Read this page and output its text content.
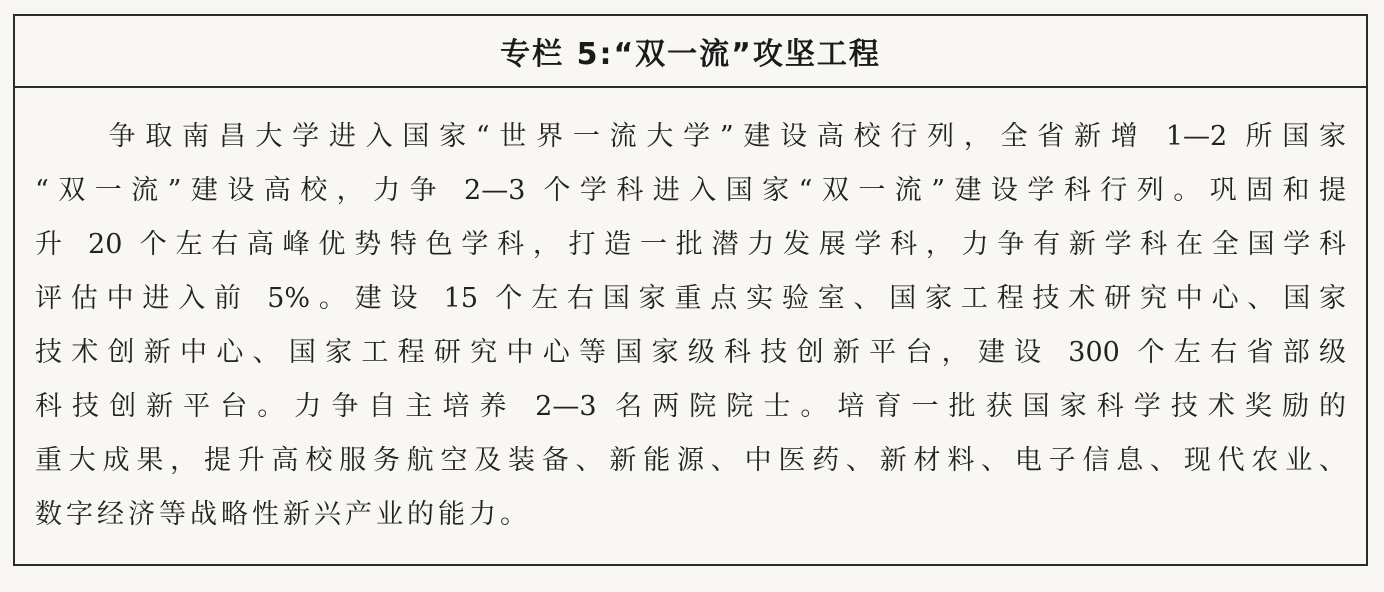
专栏 5:“双一流”攻坚工程
　　争取南昌大学进入国家“世界一流大学”建设高校行列，全省新增 1—2 所国家
“双一流”建设高校，力争 2—3 个学科进入国家“双一流”建设学科行列。巩固和提
升 20 个左右高峰优势特色学科，打造一批潜力发展学科，力争有新学科在全国学科
评估中进入前 5%。建设 15 个左右国家重点实验室、国家工程技术研究中心、国家
技术创新中心、国家工程研究中心等国家级科技创新平台，建设 300 个左右省部级
科技创新平台。力争自主培养 2—3 名两院院士。培育一批获国家科学技术奖励的
重大成果，提升高校服务航空及装备、新能源、中医药、新材料、电子信息、现代农业、
数字经济等战略性新兴产业的能力。
